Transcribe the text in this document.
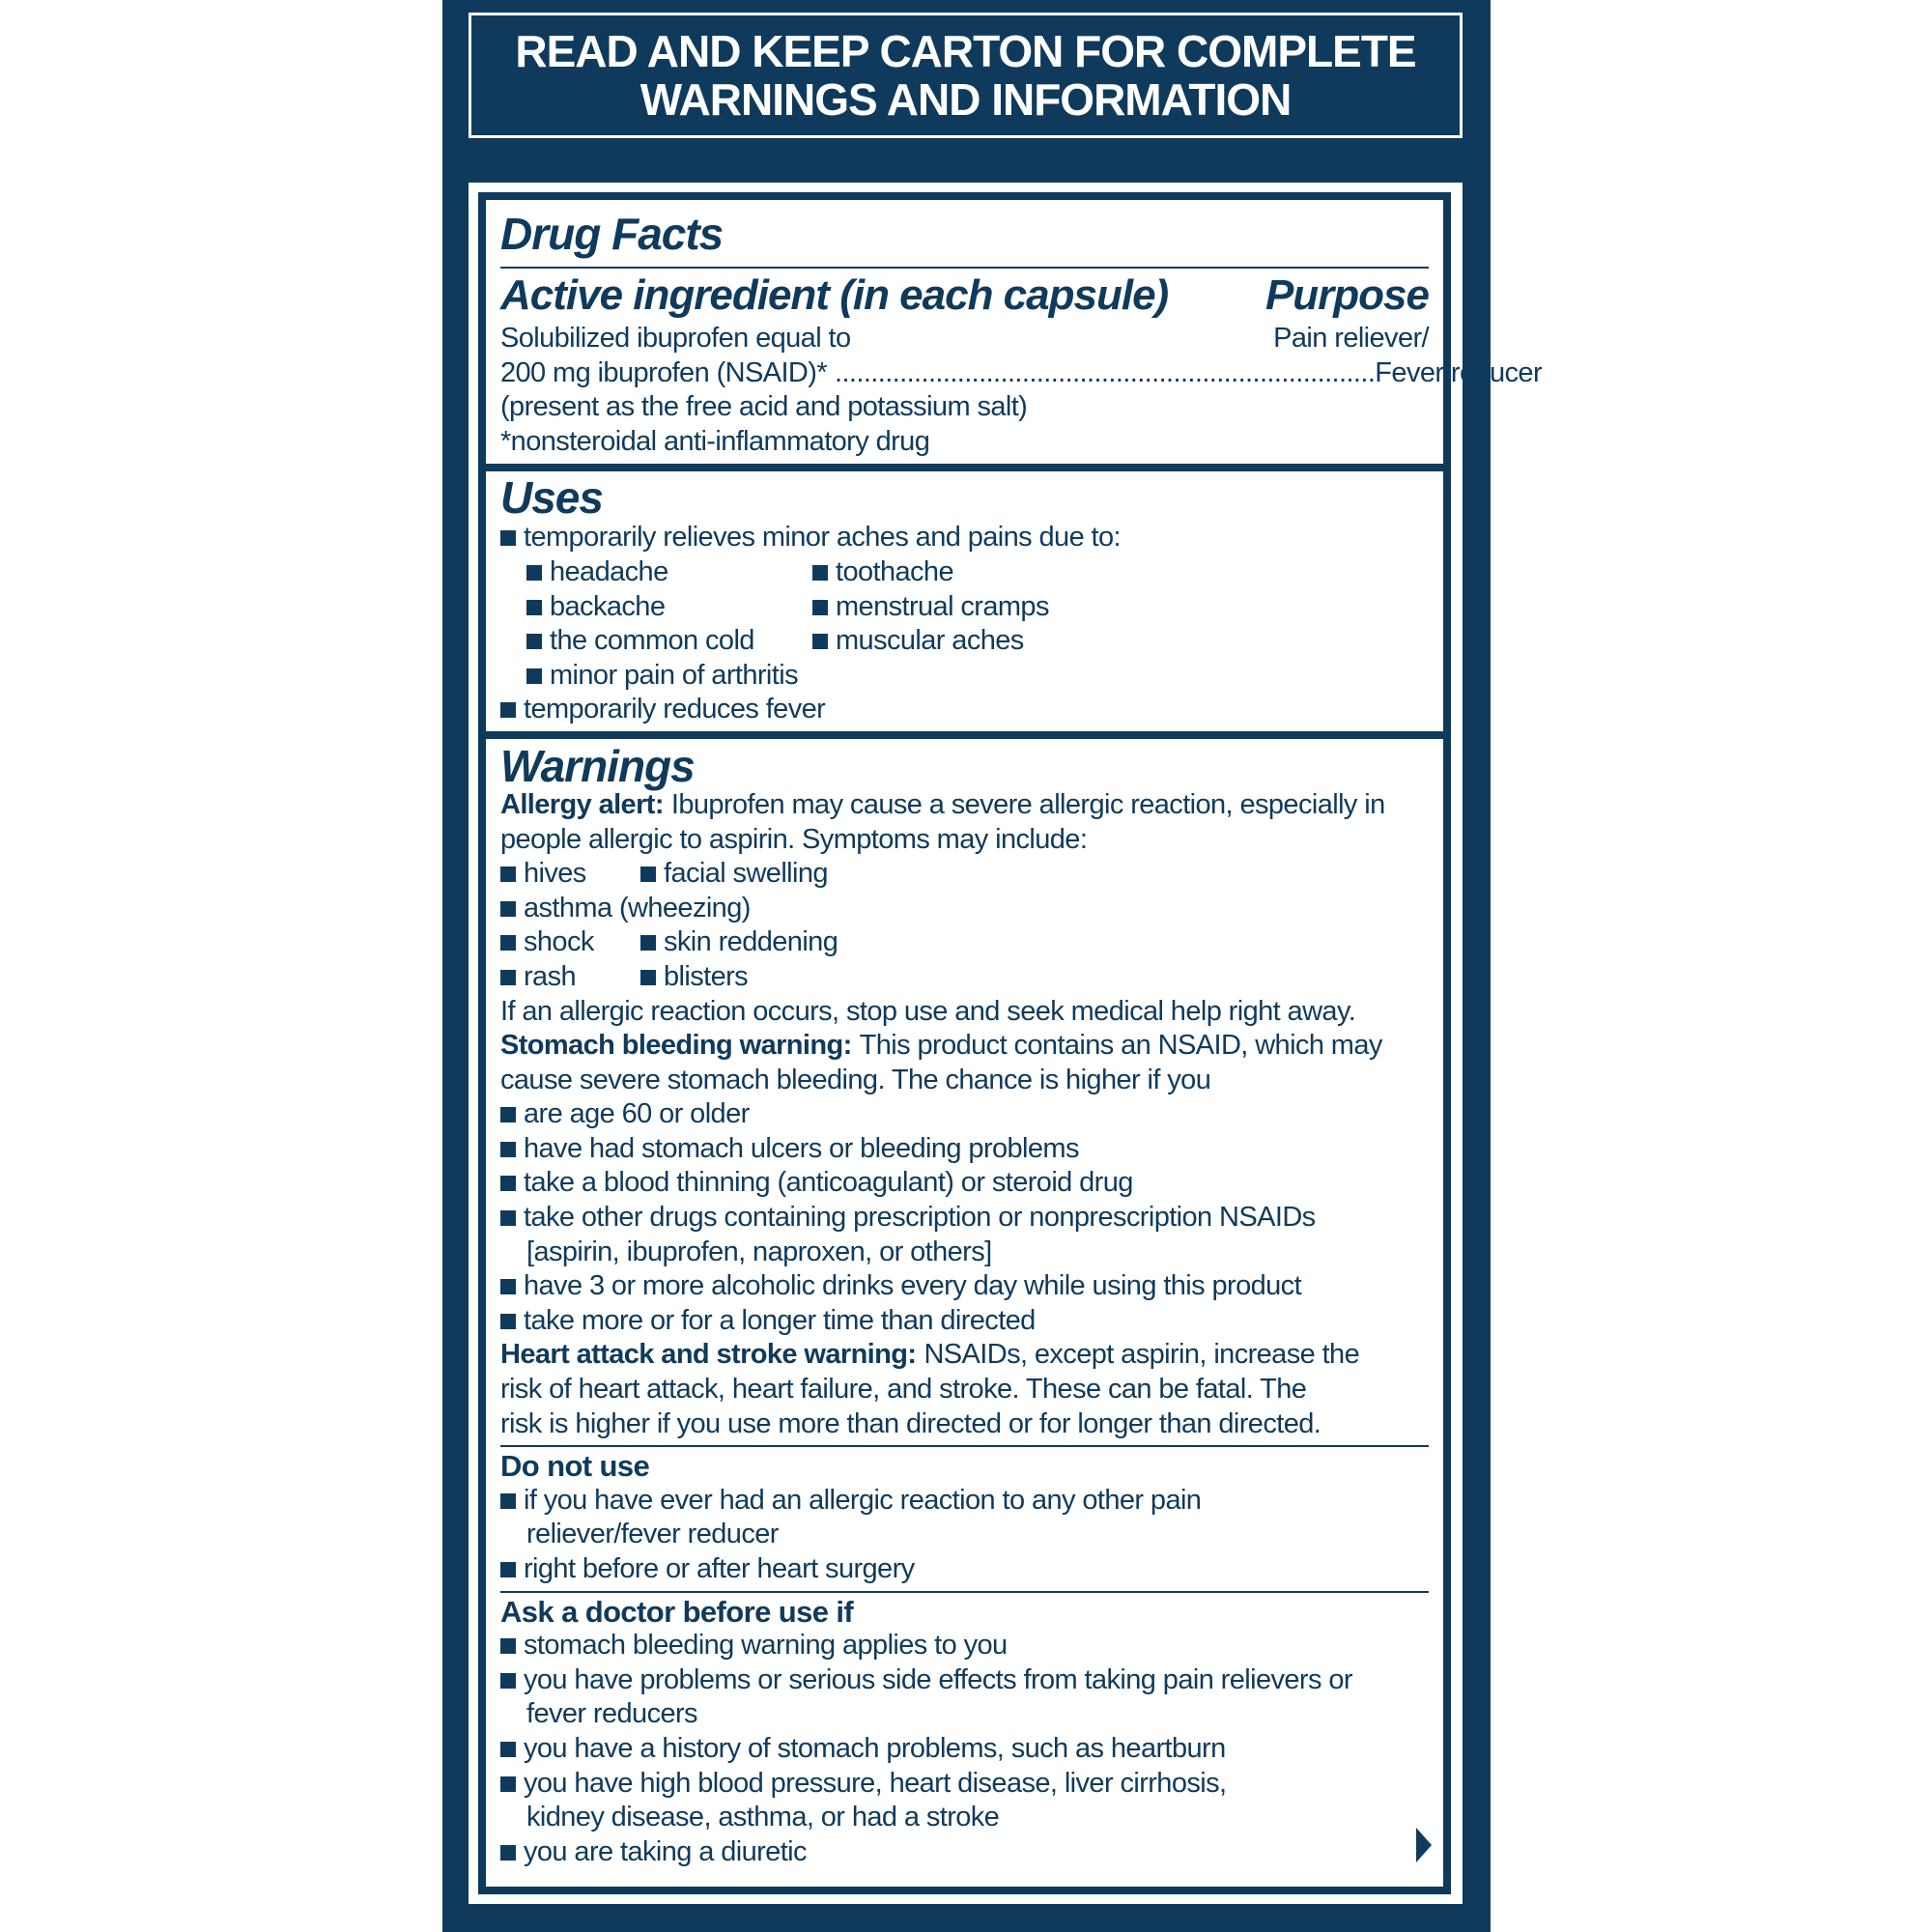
READ AND KEEP CARTON FOR COMPLETE
WARNINGS AND INFORMATION
Drug Facts
Active ingredient (in each capsule) Purpose
Solubilized ibuprofen equal to	Pain reliever/
200 mg ibuprofen (NSAID)* ........................................................................... Fever reducer
(present as the free acid and potassium salt)
*nonsteroidal anti-inflammatory drug
Uses
temporarily relieves minor aches and pains due to:
headache	toothache
backache	menstrual cramps
the common cold	muscular aches
minor pain of arthritis
temporarily reduces fever
Warnings
Allergy alert: Ibuprofen may cause a severe allergic reaction, especially in
people allergic to aspirin. Symptoms may include:
hives	facial swelling
asthma (wheezing)
shock skin reddening
rash	blisters
If an allergic reaction occurs, stop use and seek medical help right away.
Stomach bleeding warning: This product contains an NSAID, which may
cause severe stomach bleeding. The chance is higher if you
are age 60 or older
have had stomach ulcers or bleeding problems
take a blood thinning (anticoagulant) or steroid drug
take other drugs containing prescription or nonprescription NSAIDs
[aspirin, ibuprofen, naproxen, or others]
have 3 or more alcoholic drinks every day while using this product
take more or for a longer time than directed
Heart attack and stroke warning: NSAIDs, except aspirin, increase the
risk of heart attack, heart failure, and stroke. These can be fatal. The
risk is higher if you use more than directed or for longer than directed.
Do not use
if you have ever had an allergic reaction to any other pain
reliever/fever reducer
right before or after heart surgery
Ask a doctor before use if
stomach bleeding warning applies to you
you have problems or serious side effects from taking pain relievers or
fever reducers
you have a history of stomach problems, such as heartburn
you have high blood pressure, heart disease, liver cirrhosis,
kidney disease, asthma, or had a stroke
you are taking a diuretic
